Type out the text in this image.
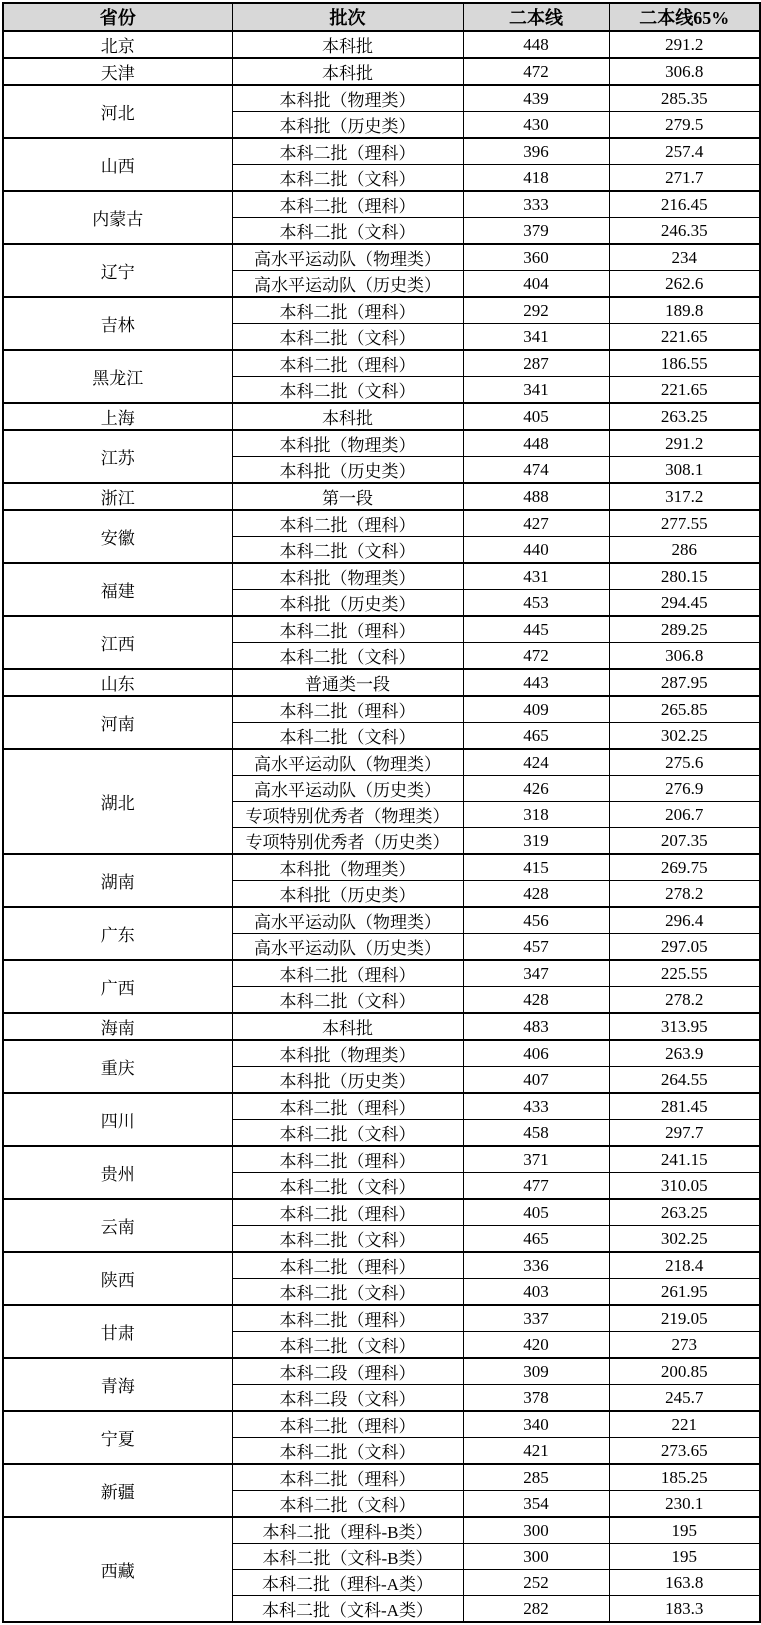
省份	批次	二本线	二本线65%
北京	本科批	448	291.2
天津	本科批	472	306.8
河北	本科批（物理类）	439	285.35
	本科批（历史类）	430	279.5
山西	本科二批（理科）	396	257.4
	本科二批（文科）	418	271.7
内蒙古	本科二批（理科）	333	216.45
	本科二批（文科）	379	246.35
辽宁	高水平运动队（物理类）	360	234
	高水平运动队（历史类）	404	262.6
吉林	本科二批（理科）	292	189.8
	本科二批（文科）	341	221.65
黑龙江	本科二批（理科）	287	186.55
	本科二批（文科）	341	221.65
上海	本科批	405	263.25
江苏	本科批（物理类）	448	291.2
	本科批（历史类）	474	308.1
浙江	第一段	488	317.2
安徽	本科二批（理科）	427	277.55
	本科二批（文科）	440	286
福建	本科批（物理类）	431	280.15
	本科批（历史类）	453	294.45
江西	本科二批（理科）	445	289.25
	本科二批（文科）	472	306.8
山东	普通类一段	443	287.95
河南	本科二批（理科）	409	265.85
	本科二批（文科）	465	302.25
湖北	高水平运动队（物理类）	424	275.6
	高水平运动队（历史类）	426	276.9
	专项特别优秀者（物理类）	318	206.7
	专项特别优秀者（历史类）	319	207.35
湖南	本科批（物理类）	415	269.75
	本科批（历史类）	428	278.2
广东	高水平运动队（物理类）	456	296.4
	高水平运动队（历史类）	457	297.05
广西	本科二批（理科）	347	225.55
	本科二批（文科）	428	278.2
海南	本科批	483	313.95
重庆	本科批（物理类）	406	263.9
	本科批（历史类）	407	264.55
四川	本科二批（理科）	433	281.45
	本科二批（文科）	458	297.7
贵州	本科二批（理科）	371	241.15
	本科二批（文科）	477	310.05
云南	本科二批（理科）	405	263.25
	本科二批（文科）	465	302.25
陕西	本科二批（理科）	336	218.4
	本科二批（文科）	403	261.95
甘肃	本科二批（理科）	337	219.05
	本科二批（文科）	420	273
青海	本科二段（理科）	309	200.85
	本科二段（文科）	378	245.7
宁夏	本科二批（理科）	340	221
	本科二批（文科）	421	273.65
新疆	本科二批（理科）	285	185.25
	本科二批（文科）	354	230.1
西藏	本科二批（理科-B类）	300	195
	本科二批（文科-B类）	300	195
	本科二批（理科-A类）	252	163.8
	本科二批（文科-A类）	282	183.3
